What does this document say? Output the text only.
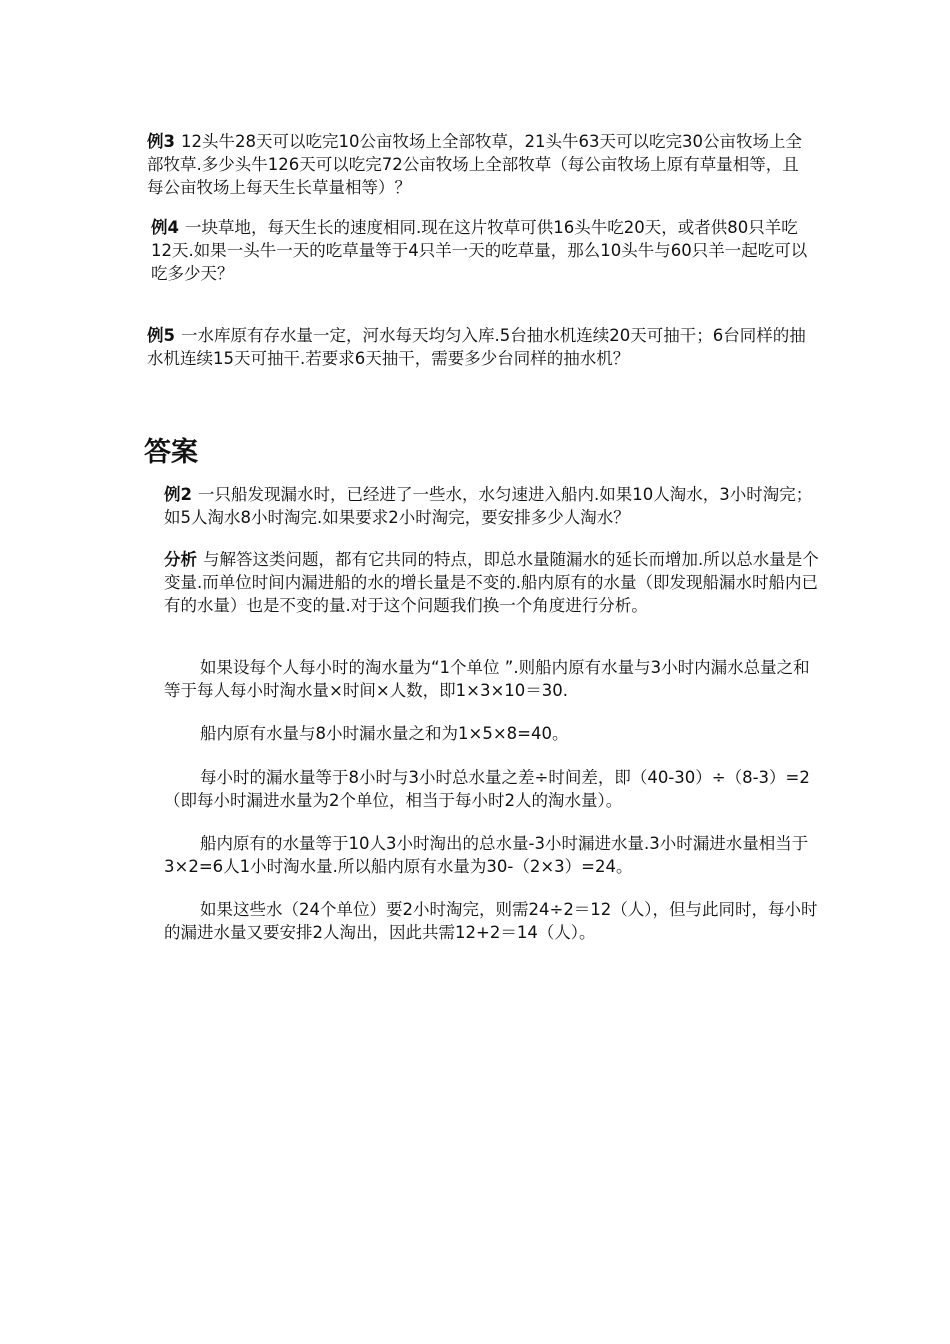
例3 12头牛28天可以吃完10公亩牧场上全部牧草，21头牛63天可以吃完30公亩牧场上全部牧草.多少头牛126天可以吃完72公亩牧场上全部牧草（每公亩牧场上原有草量相等，且每公亩牧场上每天生长草量相等）？
例4 一块草地，每天生长的速度相同.现在这片牧草可供16头牛吃20天，或者供80只羊吃12天.如果一头牛一天的吃草量等于4只羊一天的吃草量，那么10头牛与60只羊一起吃可以吃多少天？
例5 一水库原有存水量一定，河水每天均匀入库.5台抽水机连续20天可抽干；6台同样的抽水机连续15天可抽干.若要求6天抽干，需要多少台同样的抽水机？
答案
例2 一只船发现漏水时，已经进了一些水，水匀速进入船内.如果10人淘水，3小时淘完；如5人淘水8小时淘完.如果要求2小时淘完，要安排多少人淘水？
分析 与解答这类问题，都有它共同的特点，即总水量随漏水的延长而增加.所以总水量是个变量.而单位时间内漏进船的水的增长量是不变的.船内原有的水量（即发现船漏水时船内已有的水量）也是不变的量.对于这个问题我们换一个角度进行分析。
如果设每个人每小时的淘水量为“1个单位 ”.则船内原有水量与3小时内漏水总量之和等于每人每小时淘水量×时间×人数，即1×3×10＝30.
船内原有水量与8小时漏水量之和为1×5×8=40。
每小时的漏水量等于8小时与3小时总水量之差÷时间差，即（40-30）÷（8-3）=2（即每小时漏进水量为2个单位，相当于每小时2人的淘水量）。
船内原有的水量等于10人3小时淘出的总水量-3小时漏进水量.3小时漏进水量相当于3×2=6人1小时淘水量.所以船内原有水量为30-（2×3）=24。
如果这些水（24个单位）要2小时淘完，则需24÷2＝12（人），但与此同时，每小时的漏进水量又要安排2人淘出，因此共需12+2＝14（人）。
